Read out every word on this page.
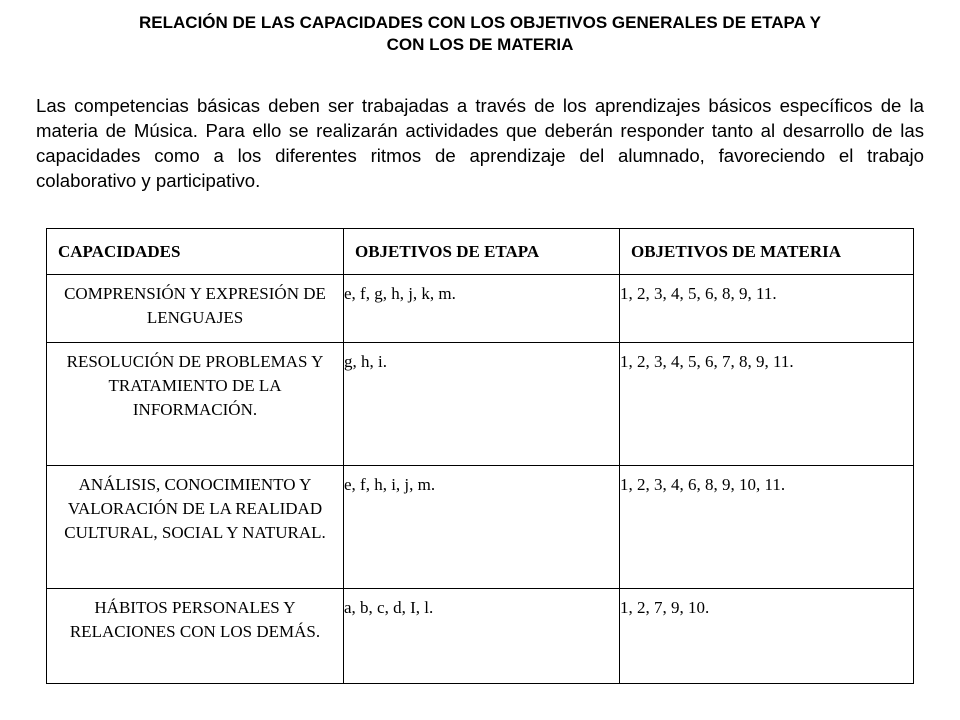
RELACIÓN DE LAS CAPACIDADES CON LOS OBJETIVOS GENERALES DE ETAPA Y
CON LOS DE MATERIA

Las competencias básicas deben ser trabajadas a través de los aprendizajes básicos específicos de la materia de Música. Para ello se realizarán actividades que deberán responder tanto al desarrollo de las capacidades como a los diferentes ritmos de aprendizaje del alumnado, favoreciendo el trabajo colaborativo y participativo.

CAPACIDADES	OBJETIVOS DE ETAPA	OBJETIVOS DE MATERIA
COMPRENSIÓN Y EXPRESIÓN DE LENGUAJES	e, f, g, h, j, k, m.	1, 2, 3, 4, 5, 6, 8, 9, 11.
RESOLUCIÓN DE PROBLEMAS Y TRATAMIENTO DE LA INFORMACIÓN.	g, h, i.	1, 2, 3, 4, 5, 6, 7, 8, 9, 11.
ANÁLISIS, CONOCIMIENTO Y VALORACIÓN DE LA REALIDAD CULTURAL, SOCIAL Y NATURAL.	e, f, h, i, j, m.	1, 2, 3, 4, 6, 8, 9, 10, 11.
HÁBITOS PERSONALES Y RELACIONES CON LOS DEMÁS.	a, b, c, d, I, l.	1, 2, 7, 9, 10.
